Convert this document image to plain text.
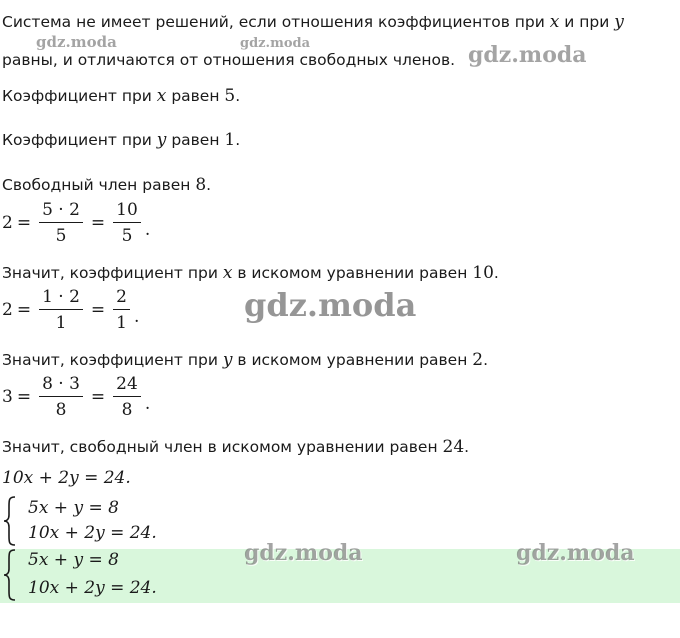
Система не имеет решений, если отношения коэффициентов при x и при y
равны, и отличаются от отношения свободных членов.
Коэффициент при x равен 5.
Коэффициент при y равен 1.
Свободный член равен 8.
$2 = \frac{5 \cdot 2}{5} = \frac{10}{5}$ .
Значит, коэффициент при x в искомом уравнении равен 10.
$2 = \frac{1 \cdot 2}{1} = \frac{2}{1}$ .
Значит, коэффициент при y в искомом уравнении равен 2.
$3 = \frac{8 \cdot 3}{8} = \frac{24}{8}$ .
Значит, свободный член в искомом уравнении равен 24.
10x + 2y = 24.
5x + y = 8
10x + 2y = 24.
5x + y = 8
10x + 2y = 24.
gdz.moda	gdz.moda	gdz.moda
gdz.moda
gdz.moda	gdz.moda
